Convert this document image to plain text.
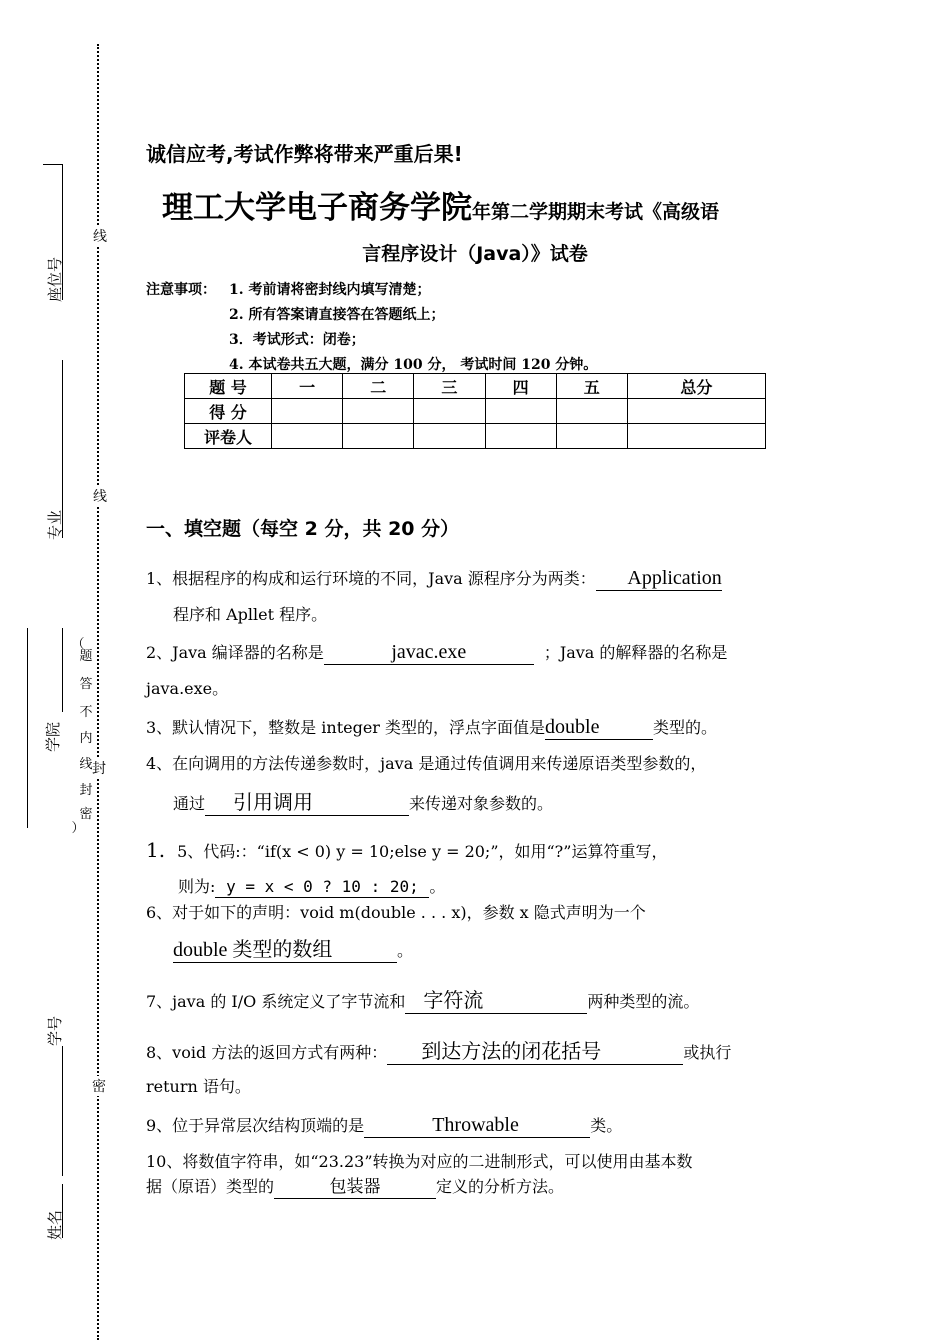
座位号
线
专业
线
学院
（
题
答
不
内
线
封
密
）
封
学号
密
姓名
诚信应考,考试作弊将带来严重后果!
理工大学电子商务学院年第二学期期末考试《高级语
言程序设计（Java）》试卷
注意事项： 1. 考前请将密封线内填写清楚；
2. 所有答案请直接答在答题纸上；
3．考试形式：闭卷；
4. 本试卷共五大题，满分 100 分， 考试时间 120 分钟。
题 号	一	二	三	四	五	总分
得 分						
评卷人						
一、填空题（每空 2 分，共 20 分）
1、根据程序的构成和运行环境的不同，Java 源程序分为两类： Application
程序和 Apllet 程序。
2、Java 编译器的名称是	javac.exe	；Java 的解释器的名称是
java.exe。
3、默认情况下，整数是 integer 类型的，浮点字面值是double	类型的。
4、在向调用的方法传递参数时，java 是通过传值调用来传递原语类型参数的，
通过 引用调用	来传递对象参数的。
1. 5、代码:：“if(x < 0) y = 10;else y = 20;”，如用“?”运算符重写，
则为: y = x < 0 ? 10 : 20; 。
6、对于如下的声明：void m(double . . . x)，参数 x 隐式声明为一个
double 类型的数组	。
7、java 的 I/O 系统定义了字节流和 字符流	两种类型的流。
8、void 方法的返回方式有两种： 到达方法的闭花括号	或执行
return 语句。
9、位于异常层次结构顶端的是	Throwable	类。
10、将数值字符串，如“23.23”转换为对应的二进制形式，可以使用由基本数
据（原语）类型的	包装器	定义的分析方法。
